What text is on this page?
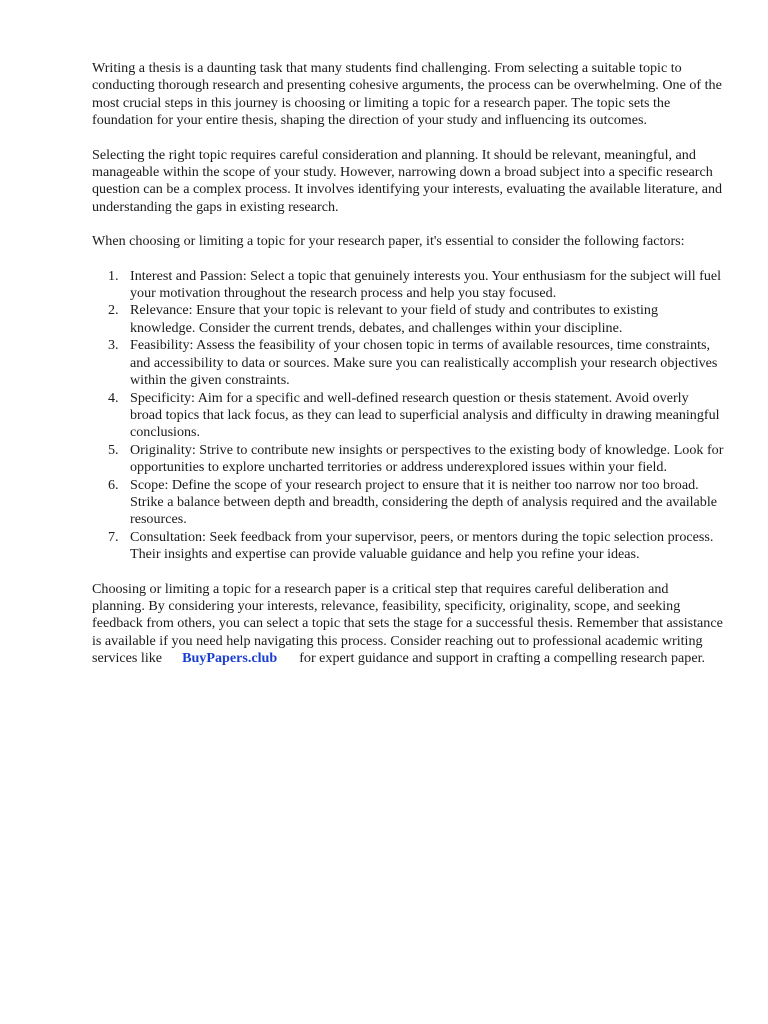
Writing a thesis is a daunting task that many students find challenging. From selecting a suitable topic to conducting thorough research and presenting cohesive arguments, the process can be overwhelming. One of the most crucial steps in this journey is choosing or limiting a topic for a research paper. The topic sets the foundation for your entire thesis, shaping the direction of your study and influencing its outcomes.

Selecting the right topic requires careful consideration and planning. It should be relevant, meaningful, and manageable within the scope of your study. However, narrowing down a broad subject into a specific research question can be a complex process. It involves identifying your interests, evaluating the available literature, and understanding the gaps in existing research.

When choosing or limiting a topic for your research paper, it's essential to consider the following factors:

1. Interest and Passion: Select a topic that genuinely interests you. Your enthusiasm for the subject will fuel your motivation throughout the research process and help you stay focused.
2. Relevance: Ensure that your topic is relevant to your field of study and contributes to existing knowledge. Consider the current trends, debates, and challenges within your discipline.
3. Feasibility: Assess the feasibility of your chosen topic in terms of available resources, time constraints, and accessibility to data or sources. Make sure you can realistically accomplish your research objectives within the given constraints.
4. Specificity: Aim for a specific and well-defined research question or thesis statement. Avoid overly broad topics that lack focus, as they can lead to superficial analysis and difficulty in drawing meaningful conclusions.
5. Originality: Strive to contribute new insights or perspectives to the existing body of knowledge. Look for opportunities to explore uncharted territories or address underexplored issues within your field.
6. Scope: Define the scope of your research project to ensure that it is neither too narrow nor too broad. Strike a balance between depth and breadth, considering the depth of analysis required and the available resources.
7. Consultation: Seek feedback from your supervisor, peers, or mentors during the topic selection process. Their insights and expertise can provide valuable guidance and help you refine your ideas.

Choosing or limiting a topic for a research paper is a critical step that requires careful deliberation and planning. By considering your interests, relevance, feasibility, specificity, originality, scope, and seeking feedback from others, you can select a topic that sets the stage for a successful thesis. Remember that assistance is available if you need help navigating this process. Consider reaching out to professional academic writing services like BuyPapers.club for expert guidance and support in crafting a compelling research paper.
